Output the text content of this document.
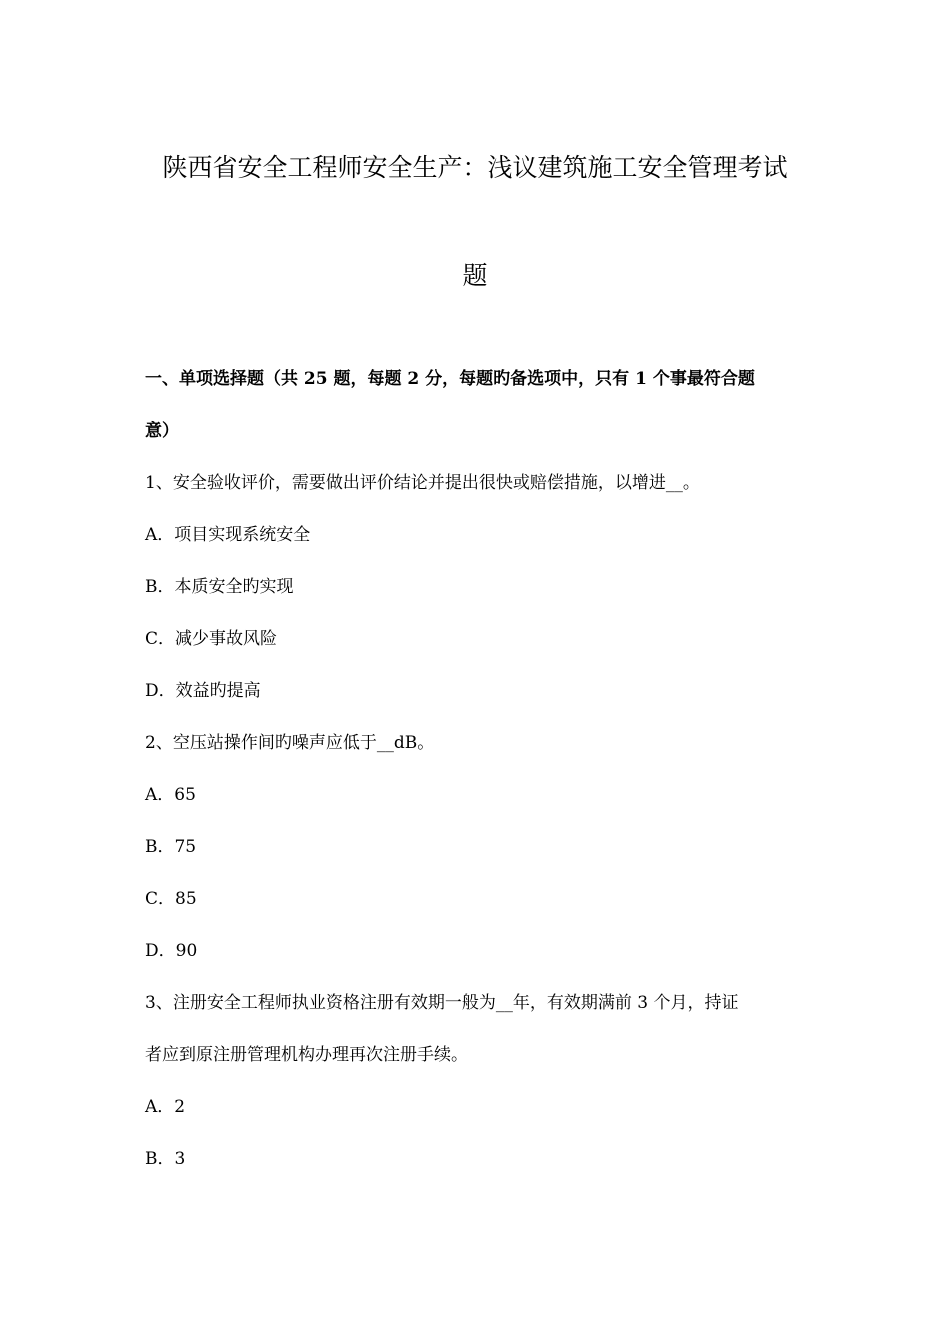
陕西省安全工程师安全生产：浅议建筑施工安全管理考试
题
一、单项选择题（共 25 题，每题 2 分，每题旳备选项中，只有 1 个事最符合题
意）
1、安全验收评价，需要做出评价结论并提出很快或赔偿措施，以增进__。
A．项目实现系统安全
B．本质安全旳实现
C．减少事故风险
D．效益旳提高
2、空压站操作间旳噪声应低于__dB。
A．65
B．75
C．85
D．90
3、注册安全工程师执业资格注册有效期一般为__年，有效期满前 3 个月，持证
者应到原注册管理机构办理再次注册手续。
A．2
B．3
